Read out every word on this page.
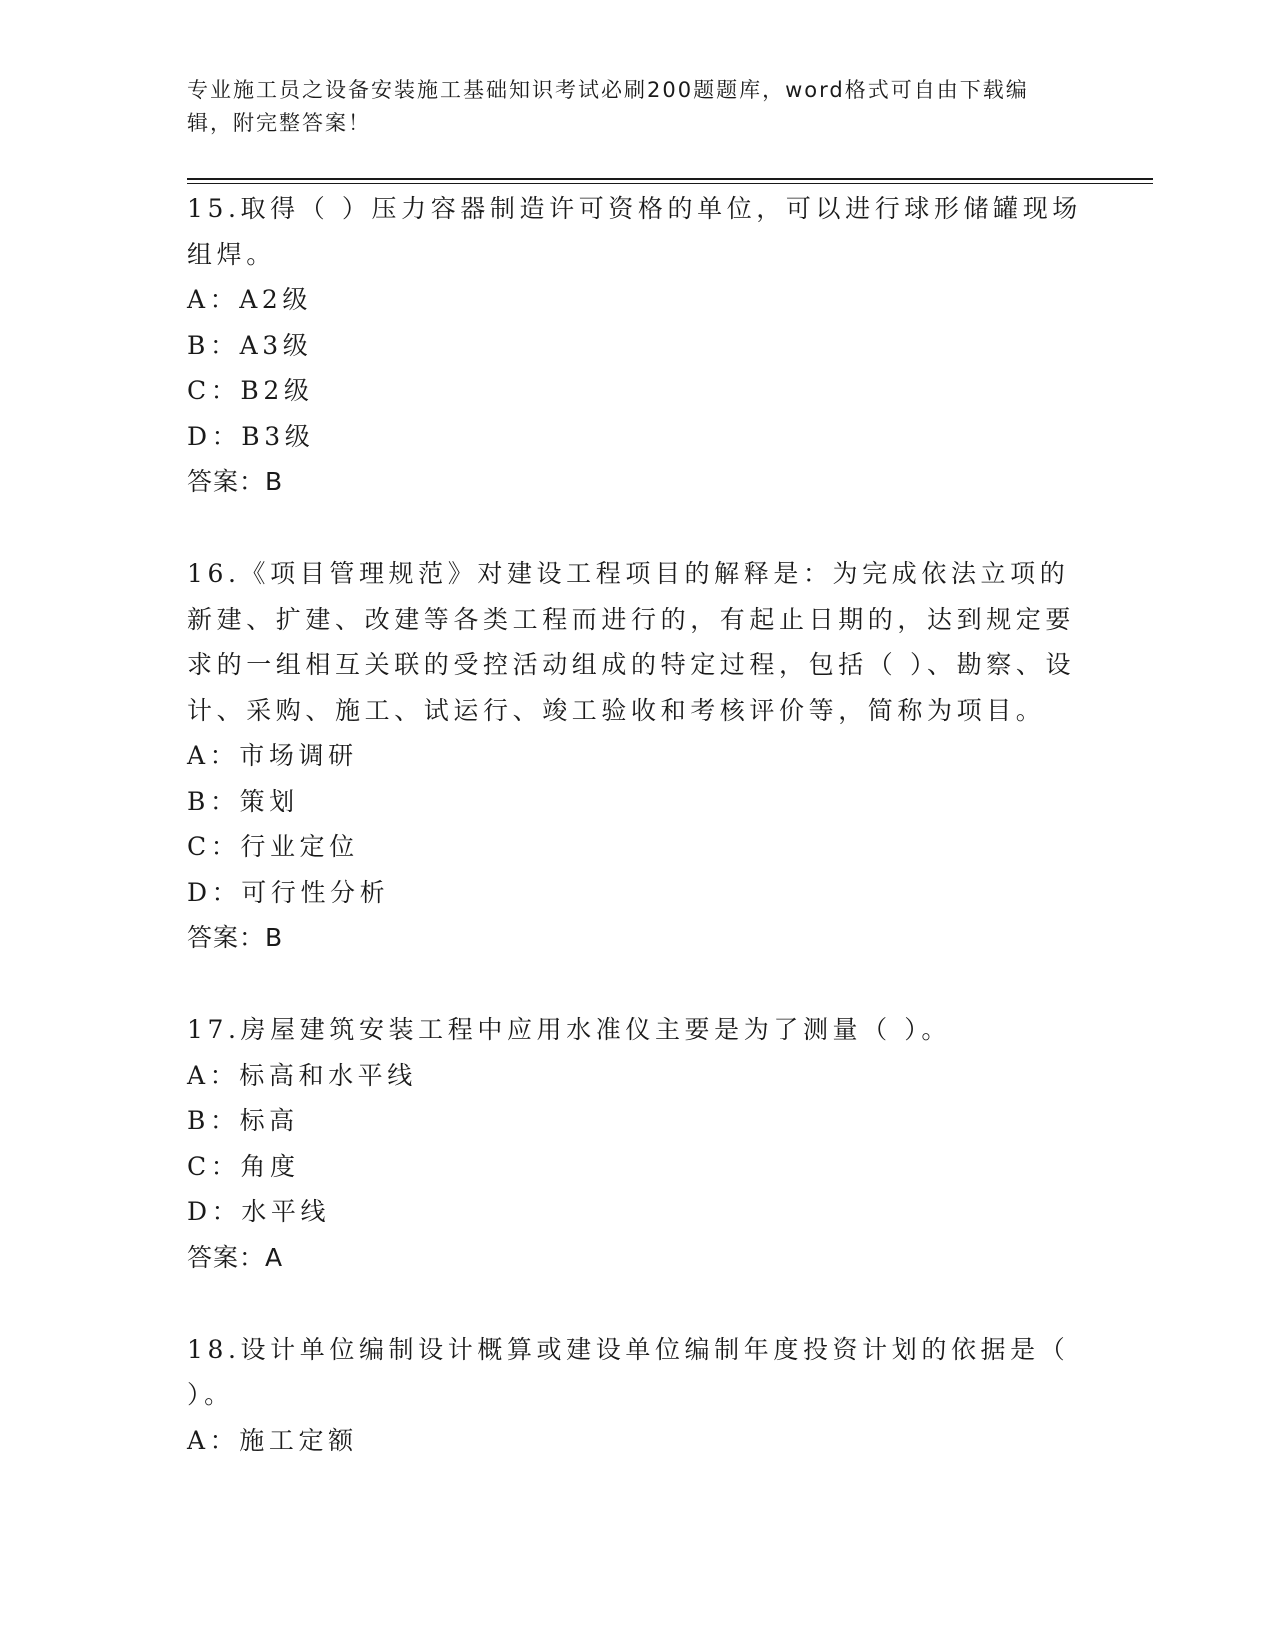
专业施工员之设备安装施工基础知识考试必刷200题题库，word格式可自由下载编辑，附完整答案！

15.取得（ ）压力容器制造许可资格的单位，可以进行球形储罐现场组焊。

A：A2级
B：A3级
C：B2级
D：B3级

答案：B

16.《项目管理规范》对建设工程项目的解释是：为完成依法立项的新建、扩建、改建等各类工程而进行的，有起止日期的，达到规定要求的一组相互关联的受控活动组成的特定过程，包括（ ）、勘察、设计、采购、施工、试运行、竣工验收和考核评价等，简称为项目。

A：市场调研
B：策划
C：行业定位
D：可行性分析

答案：B

17.房屋建筑安装工程中应用水准仪主要是为了测量（ ）。

A：标高和水平线
B：标高
C：角度
D：水平线

答案：A

18.设计单位编制设计概算或建设单位编制年度投资计划的依据是（ ）。

A：施工定额
